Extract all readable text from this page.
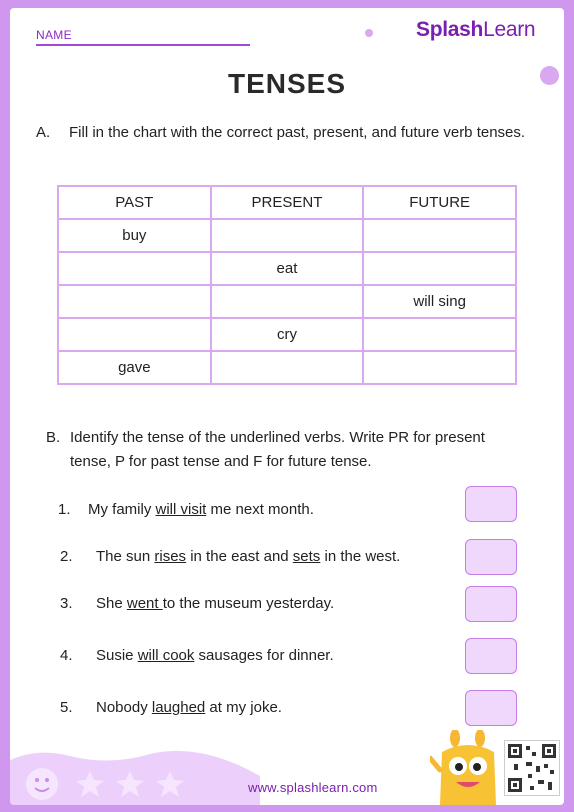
NAME	SplashLearn
TENSES
A. Fill in the chart with the correct past, present, and future verb tenses.
PAST	PRESENT	FUTURE
buy		
	eat	
		will sing
	cry	
gave		
B. Identify the tense of the underlined verbs. Write PR for present tense, P for past tense and F for future tense.
1. My family will visit me next month.
2. The sun rises in the east and sets in the west.
3. She went to the museum yesterday.
4. Susie will cook sausages for dinner.
5. Nobody laughed at my joke.
www.splashlearn.com
